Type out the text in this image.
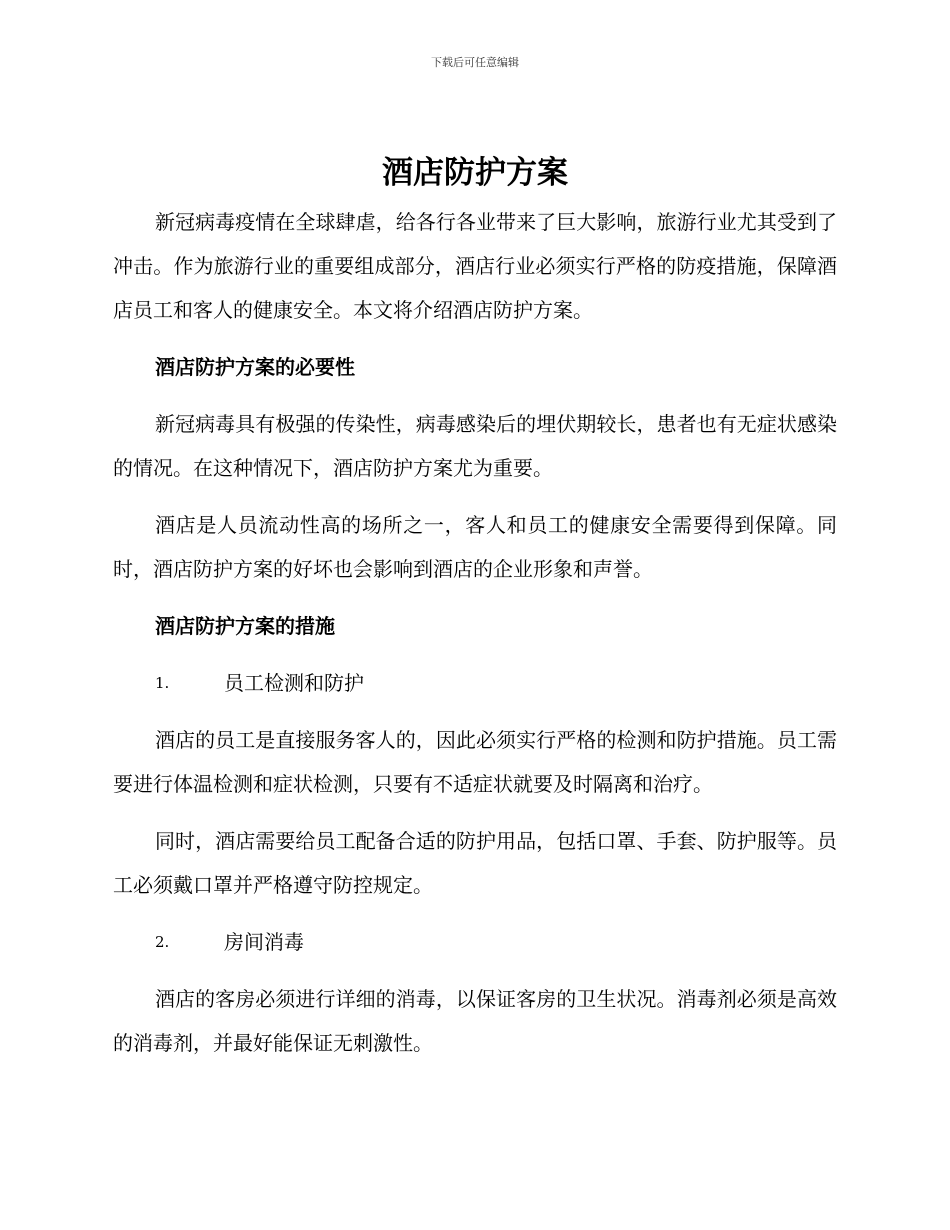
下载后可任意编辑
酒店防护方案

新冠病毒疫情在全球肆虐，给各行各业带来了巨大影响，旅游行业尤其受到了冲击。作为旅游行业的重要组成部分，酒店行业必须实行严格的防疫措施，保障酒店员工和客人的健康安全。本文将介绍酒店防护方案。

酒店防护方案的必要性

新冠病毒具有极强的传染性，病毒感染后的埋伏期较长，患者也有无症状感染的情况。在这种情况下，酒店防护方案尤为重要。

酒店是人员流动性高的场所之一，客人和员工的健康安全需要得到保障。同时，酒店防护方案的好坏也会影响到酒店的企业形象和声誉。

酒店防护方案的措施
1.	员工检测和防护

酒店的员工是直接服务客人的，因此必须实行严格的检测和防护措施。员工需要进行体温检测和症状检测，只要有不适症状就要及时隔离和治疗。

同时，酒店需要给员工配备合适的防护用品，包括口罩、手套、防护服等。员工必须戴口罩并严格遵守防控规定。

2.	房间消毒

酒店的客房必须进行详细的消毒，以保证客房的卫生状况。消毒剂必须是高效的消毒剂，并最好能保证无刺激性。
